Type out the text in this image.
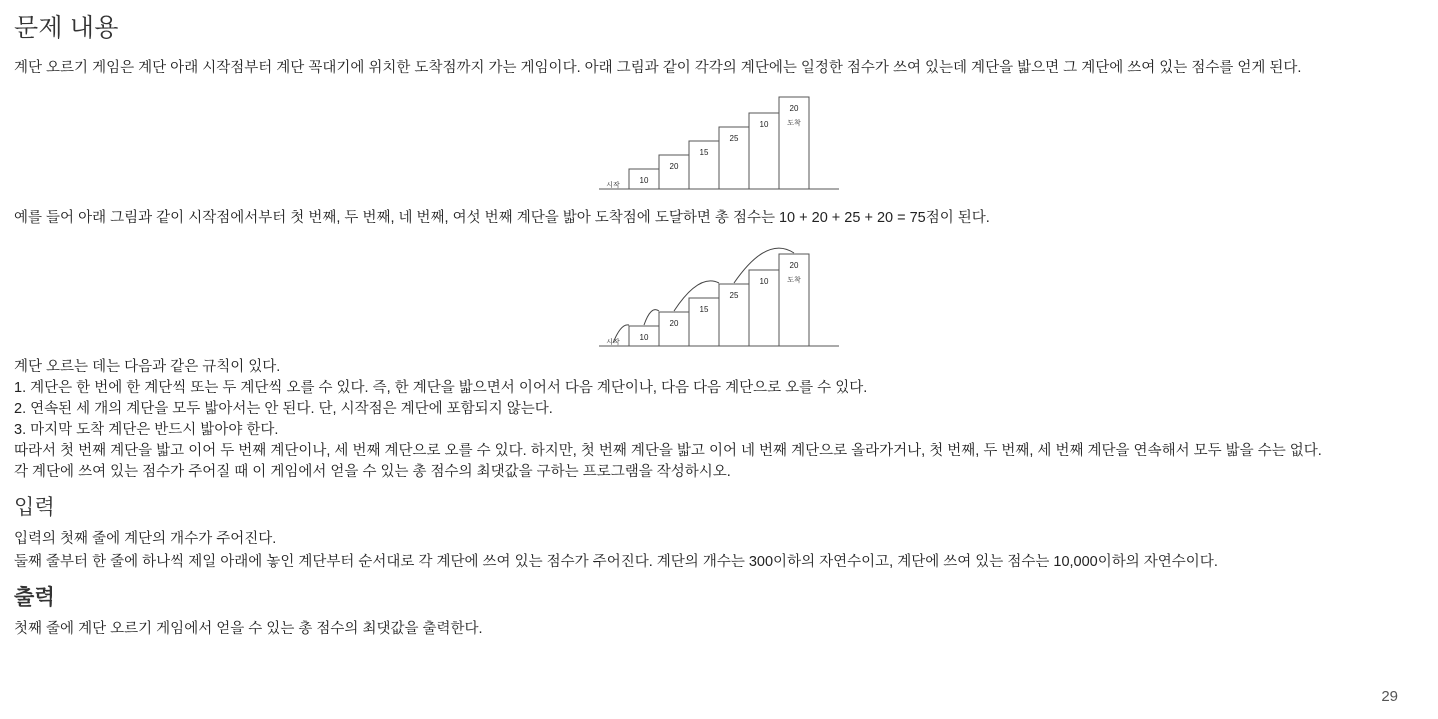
문제 내용

계단 오르기 게임은 계단 아래 시작점부터 계단 꼭대기에 위치한 도착점까지 가는 게임이다. 아래 그림과 같이 각각의 계단에는 일정한 점수가 쓰여 있는데 계단을 밟으면 그 계단에 쓰여 있는 점수를 얻게 된다.

10
20
15
25
10
20
시작
도착

예를 들어 아래 그림과 같이 시작점에서부터 첫 번째, 두 번째, 네 번째, 여섯 번째 계단을 밟아 도착점에 도달하면 총 점수는 10 + 20 + 25 + 20 = 75점이 된다.

10
20
15
25
10
20
시작
도착

계단 오르는 데는 다음과 같은 규칙이 있다.

1. 계단은 한 번에 한 계단씩 또는 두 계단씩 오를 수 있다. 즉, 한 계단을 밟으면서 이어서 다음 계단이나, 다음 다음 계단으로 오를 수 있다.

2. 연속된 세 개의 계단을 모두 밟아서는 안 된다. 단, 시작점은 계단에 포함되지 않는다.

3. 마지막 도착 계단은 반드시 밟아야 한다.

따라서 첫 번째 계단을 밟고 이어 두 번째 계단이나, 세 번째 계단으로 오를 수 있다. 하지만, 첫 번째 계단을 밟고 이어 네 번째 계단으로 올라가거나, 첫 번째, 두 번째, 세 번째 계단을 연속해서 모두 밟을 수는 없다.

각 계단에 쓰여 있는 점수가 주어질 때 이 게임에서 얻을 수 있는 총 점수의 최댓값을 구하는 프로그램을 작성하시오.

입력

입력의 첫째 줄에 계단의 개수가 주어진다.

둘째 줄부터 한 줄에 하나씩 제일 아래에 놓인 계단부터 순서대로 각 계단에 쓰여 있는 점수가 주어진다. 계단의 개수는 300이하의 자연수이고, 계단에 쓰여 있는 점수는 10,000이하의 자연수이다.

출력

첫째 줄에 계단 오르기 게임에서 얻을 수 있는 총 점수의 최댓값을 출력한다.

29
